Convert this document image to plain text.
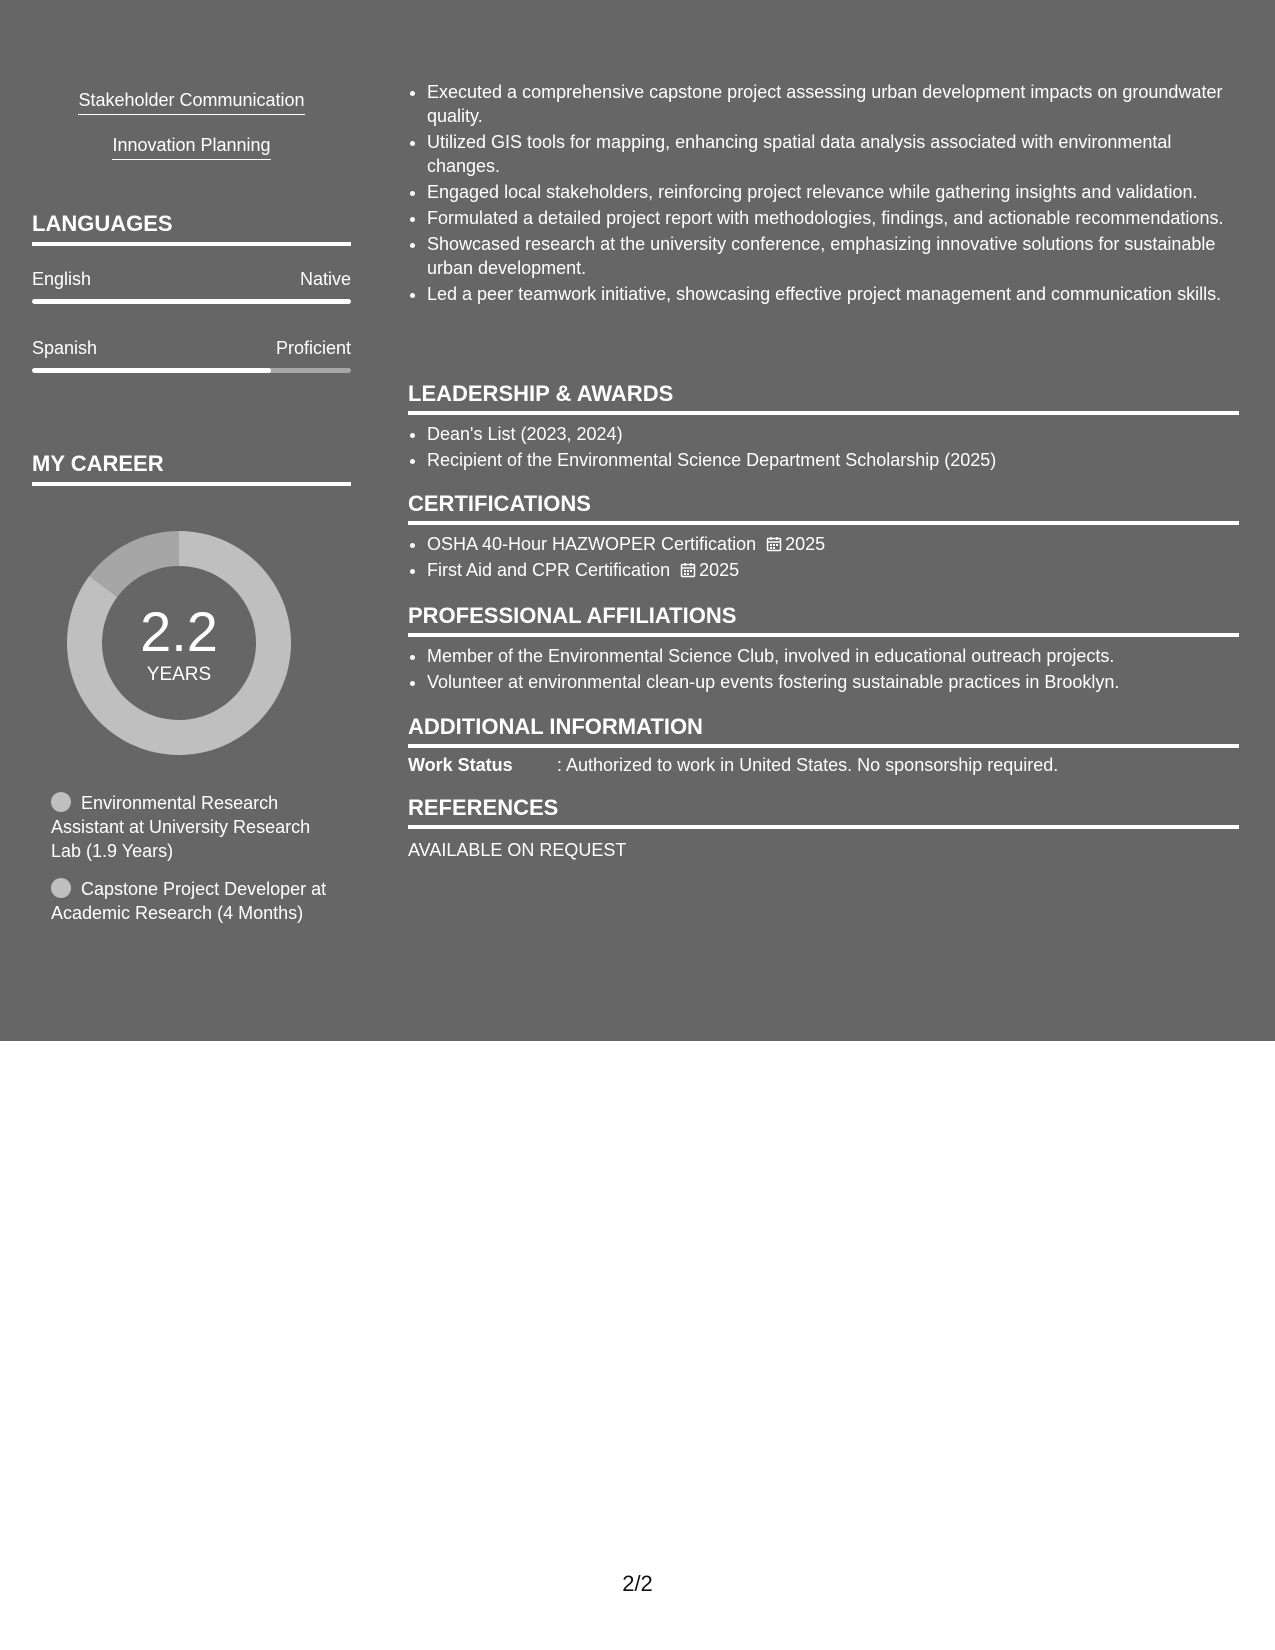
Stakeholder Communication
Innovation Planning
LANGUAGES
English	Native
Spanish	Proficient
MY CAREER
2.2
YEARS
Environmental Research Assistant at University Research Lab (1.9 Years)
Capstone Project Developer at Academic Research (4 Months)
• Executed a comprehensive capstone project assessing urban development impacts on groundwater quality.
• Utilized GIS tools for mapping, enhancing spatial data analysis associated with environmental changes.
• Engaged local stakeholders, reinforcing project relevance while gathering insights and validation.
• Formulated a detailed project report with methodologies, findings, and actionable recommendations.
• Showcased research at the university conference, emphasizing innovative solutions for sustainable urban development.
• Led a peer teamwork initiative, showcasing effective project management and communication skills.
LEADERSHIP & AWARDS
• Dean's List (2023, 2024)
• Recipient of the Environmental Science Department Scholarship (2025)
CERTIFICATIONS
• OSHA 40-Hour HAZWOPER Certification 2025
• First Aid and CPR Certification 2025
PROFESSIONAL AFFILIATIONS
• Member of the Environmental Science Club, involved in educational outreach projects.
• Volunteer at environmental clean-up events fostering sustainable practices in Brooklyn.
ADDITIONAL INFORMATION
Work Status : Authorized to work in United States. No sponsorship required.
REFERENCES
AVAILABLE ON REQUEST
2/2
